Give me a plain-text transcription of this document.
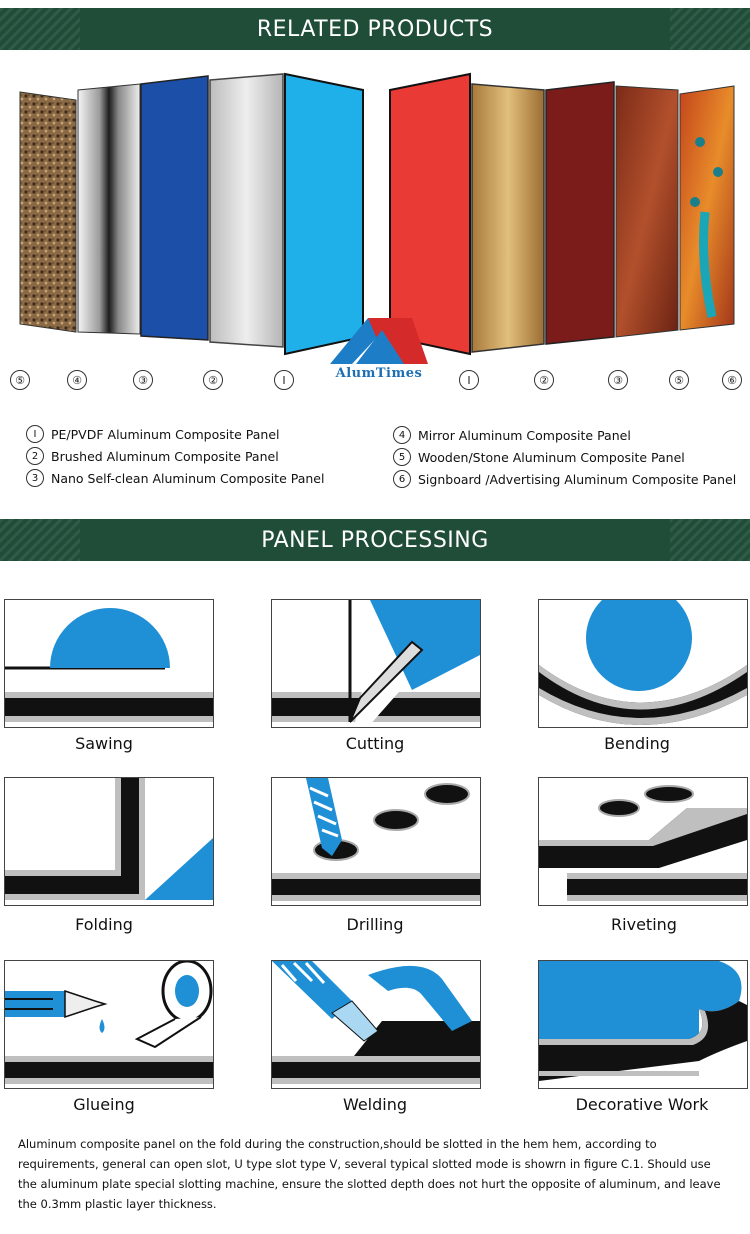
RELATED PRODUCTS
AlumTimes
⑤	④	③	②	Ⅰ	Ⅰ	②	③	⑤	⑥
Ⅰ	PE/PVDF Aluminum Composite Panel
2	Brushed Aluminum Composite Panel
3	Nano Self-clean Aluminum Composite Panel
4	Mirror Aluminum Composite Panel
5	Wooden/Stone Aluminum Composite Panel
6	Signboard /Advertising Aluminum Composite Panel
PANEL PROCESSING
Sawing	Cutting	Bending
Folding	Drilling	Riveting
Glueing	Welding	Decorative Work
Aluminum composite panel on the fold during the construction,should be slotted in the hem hem, according to requirements, general can open slot, U type slot type V, several typical slotted mode is showrn in figure C.1. Should use the aluminum plate special slotting machine, ensure the slotted depth does not hurt the opposite of aluminum, and leave the 0.3mm plastic layer thickness.
